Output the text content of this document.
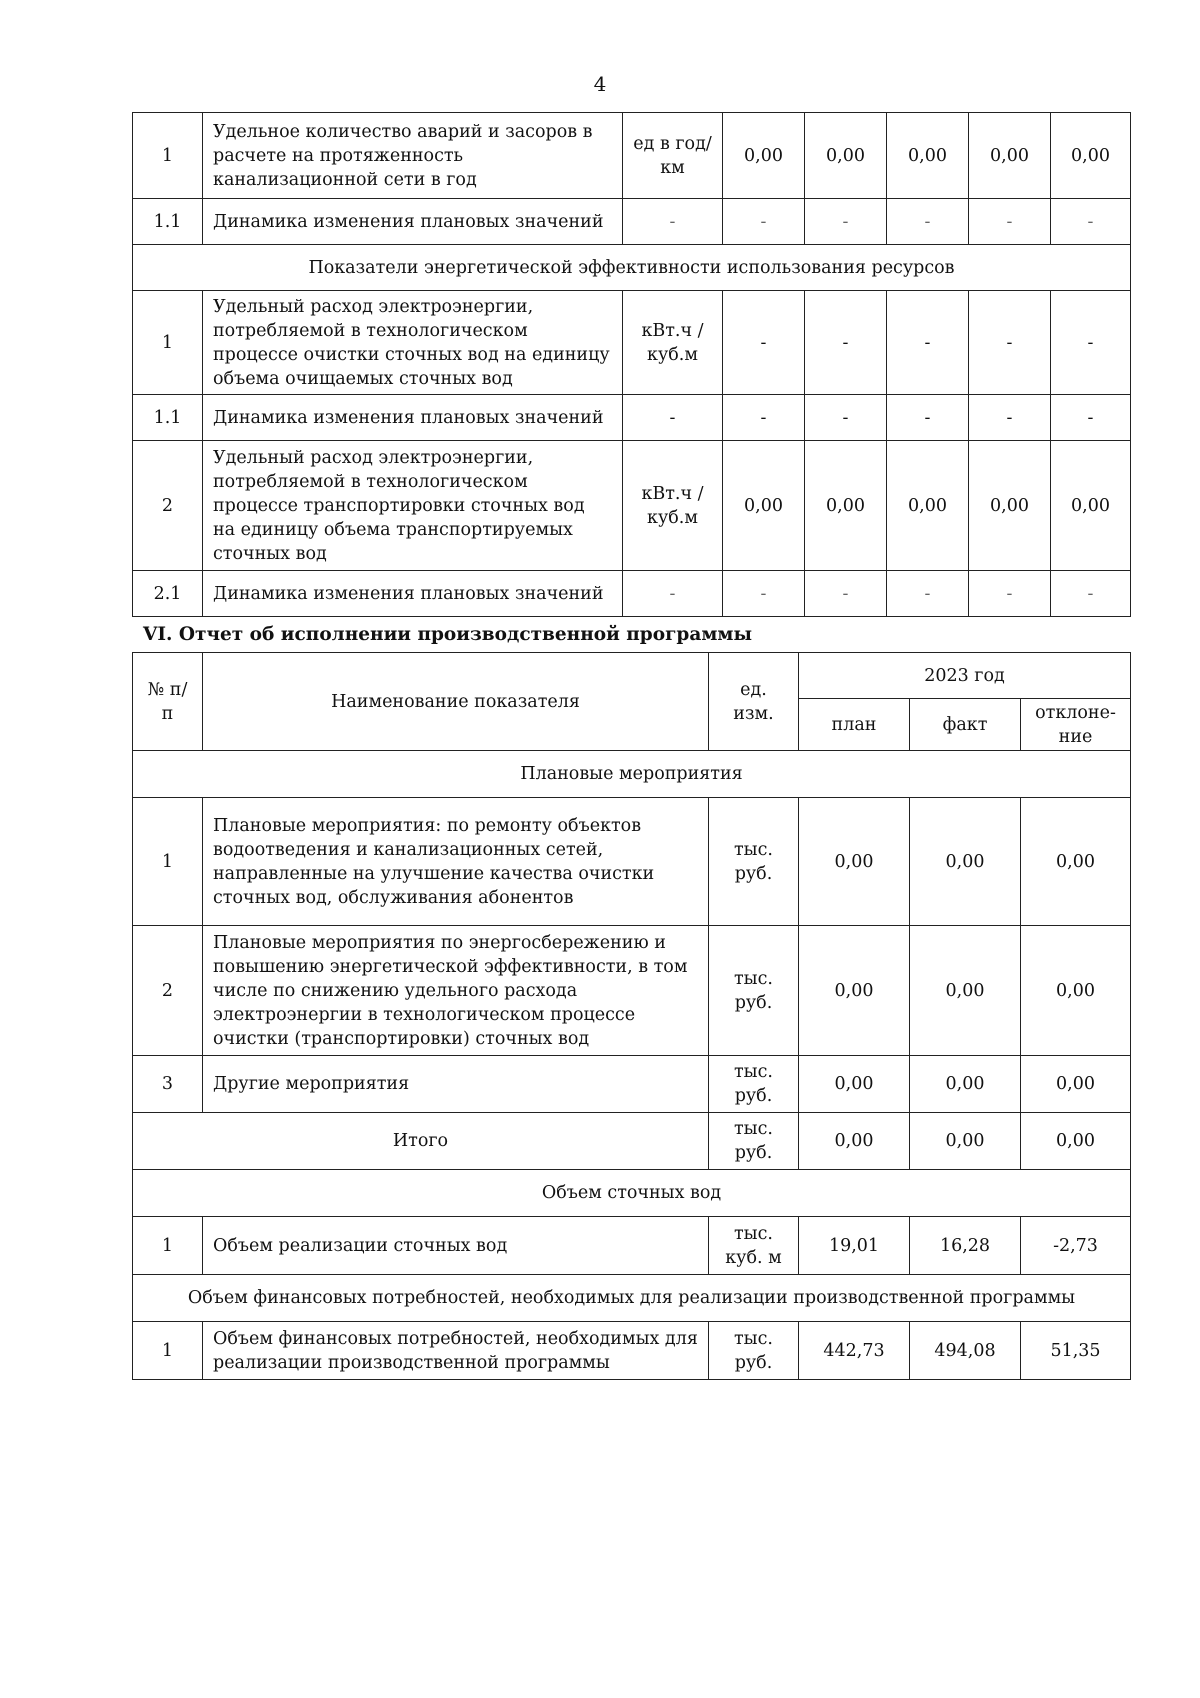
4
1	Удельное количество аварий и засоров в расчете на протяженность канализационной сети в год	ед в год/ км	0,00	0,00	0,00	0,00	0,00
1.1	Динамика изменения плановых значений	-	-	-	-	-	-
Показатели энергетической эффективности использования ресурсов							
1	Удельный расход электроэнергии, потребляемой в технологическом процессе очистки сточных вод на единицу объема очищаемых сточных вод	кВт.ч / куб.м	-	-	-	-	-
1.1	Динамика изменения плановых значений	-	-	-	-	-	-
2	Удельный расход электроэнергии, потребляемой в технологическом процессе транспортировки сточных вод на единицу объема транспортируемых сточных вод	кВт.ч / куб.м	0,00	0,00	0,00	0,00	0,00
2.1	Динамика изменения плановых значений	-	-	-	-	-	-
VI. Отчет об исполнении производственной программы
№ п/п	Наименование показателя	ед. изм.	2023 год		
			план	факт	отклоне-ние
Плановые мероприятия					
1	Плановые мероприятия: по ремонту объектов водоотведения и канализационных сетей, направленные на улучшение качества очистки сточных вод, обслуживания абонентов	тыс. руб.	0,00	0,00	0,00
2	Плановые мероприятия по энергосбережению и повышению энергетической эффективности, в том числе по снижению удельного расхода электроэнергии в технологическом процессе очистки (транспортировки) сточных вод	тыс. руб.	0,00	0,00	0,00
3	Другие мероприятия	тыс. руб.	0,00	0,00	0,00
Итого		тыс. руб.	0,00	0,00	0,00
Объем сточных вод					
1	Объем реализации сточных вод	тыс. куб. м	19,01	16,28	-2,73
Объем финансовых потребностей, необходимых для реализации производственной программы					
1	Объем финансовых потребностей, необходимых для реализации производственной программы	тыс. руб.	442,73	494,08	51,35
